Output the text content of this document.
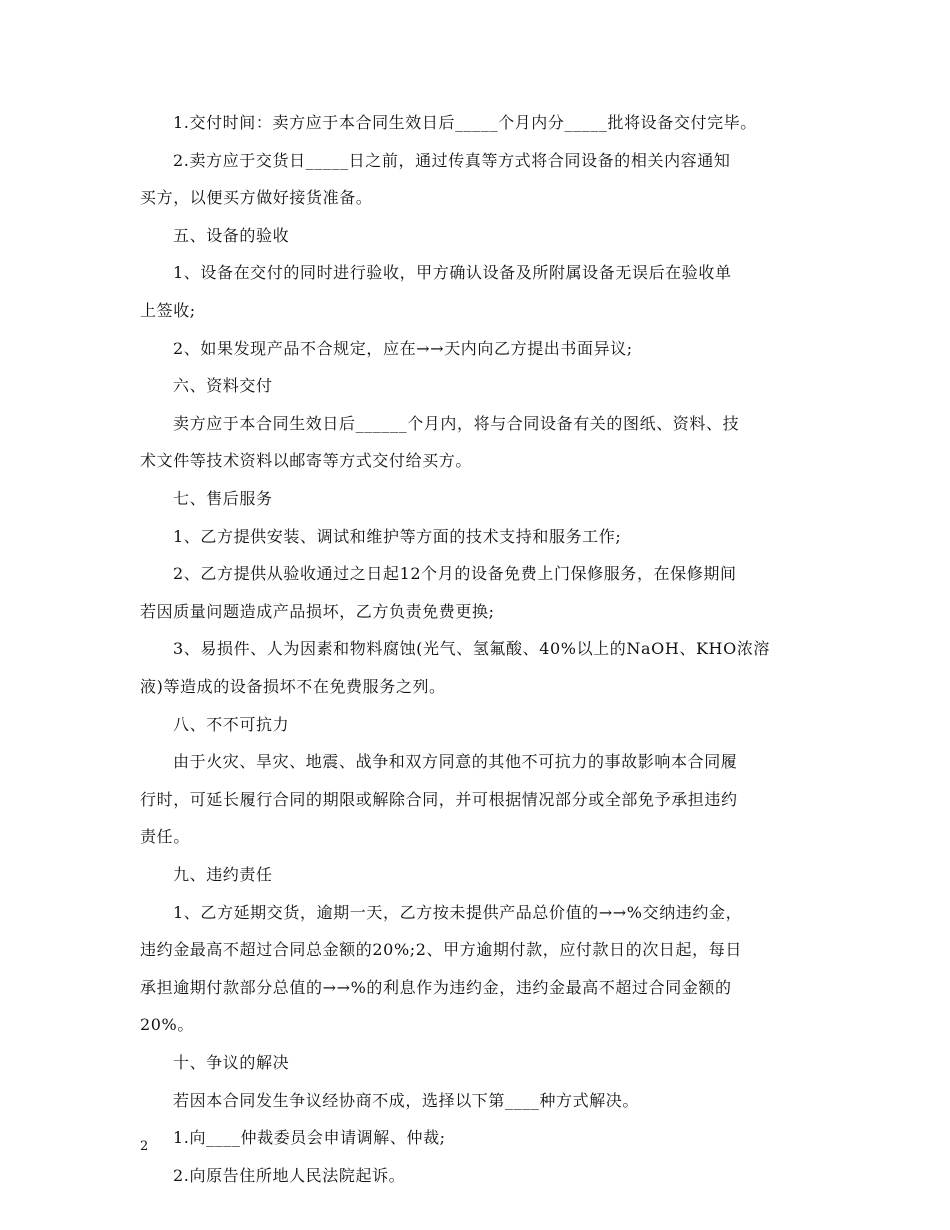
1.交付时间：卖方应于本合同生效日后_____个月内分_____批将设备交付完毕。
2.卖方应于交货日_____日之前，通过传真等方式将合同设备的相关内容通知
买方，以便买方做好接货准备。
五、设备的验收
1、设备在交付的同时进行验收，甲方确认设备及所附属设备无误后在验收单
上签收;
2、如果发现产品不合规定，应在→→天内向乙方提出书面异议;
六、资料交付
卖方应于本合同生效日后______个月内，将与合同设备有关的图纸、资料、技
术文件等技术资料以邮寄等方式交付给买方。
七、售后服务
1、乙方提供安装、调试和维护等方面的技术支持和服务工作;
2、乙方提供从验收通过之日起12个月的设备免费上门保修服务，在保修期间
若因质量问题造成产品损坏，乙方负责免费更换;
3、易损件、人为因素和物料腐蚀(光气、氢氟酸、40%以上的NaOH、KHO浓溶
液)等造成的设备损坏不在免费服务之列。
八、不不可抗力
由于火灾、旱灾、地震、战争和双方同意的其他不可抗力的事故影响本合同履
行时，可延长履行合同的期限或解除合同，并可根据情况部分或全部免予承担违约
责任。
九、违约责任
1、乙方延期交货，逾期一天，乙方按未提供产品总价值的→→%交纳违约金，
违约金最高不超过合同总金额的20%;2、甲方逾期付款，应付款日的次日起，每日
承担逾期付款部分总值的→→%的利息作为违约金，违约金最高不超过合同金额的
20%。
十、争议的解决
若因本合同发生争议经协商不成，选择以下第____种方式解决。
1.向____仲裁委员会申请调解、仲裁;
2.向原告住所地人民法院起诉。
2
